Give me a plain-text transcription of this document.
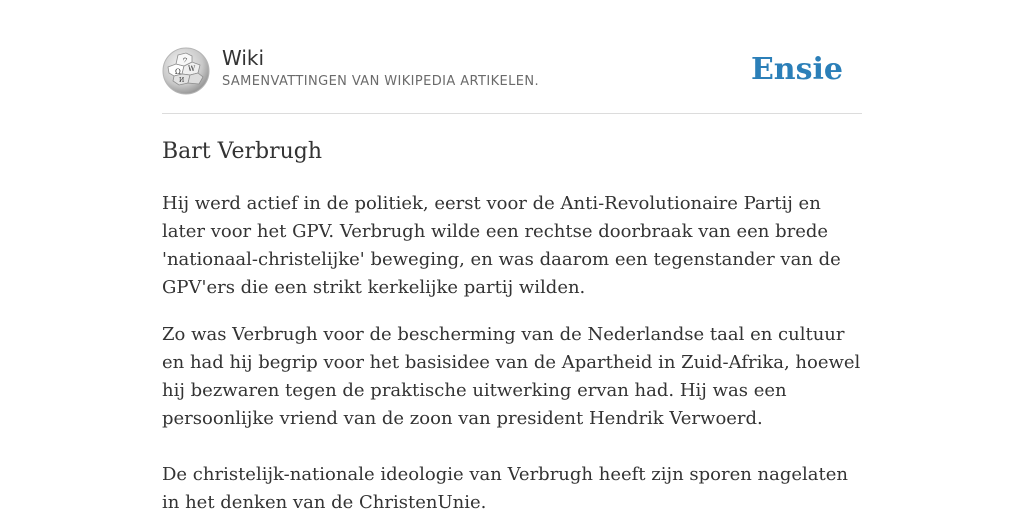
Ω W
И
ウ Wiki
SAMENVATTINGEN VAN WIKIPEDIA ARTIKELEN.	Ensie
Bart Verbrugh

Hij werd actief in de politiek, eerst voor de Anti-Revolutionaire Partij en later voor het GPV. Verbrugh wilde een rechtse doorbraak van een brede 'nationaal-christelijke' beweging, en was daarom een tegenstander van de GPV'ers die een strikt kerkelijke partij wilden.

Zo was Verbrugh voor de bescherming van de Nederlandse taal en cultuur en had hij begrip voor het basisidee van de Apartheid in Zuid-Afrika, hoewel hij bezwaren tegen de praktische uitwerking ervan had. Hij was een persoonlijke vriend van de zoon van president Hendrik Verwoerd.

De christelijk-nationale ideologie van Verbrugh heeft zijn sporen nagelaten in het denken van de ChristenUnie.
